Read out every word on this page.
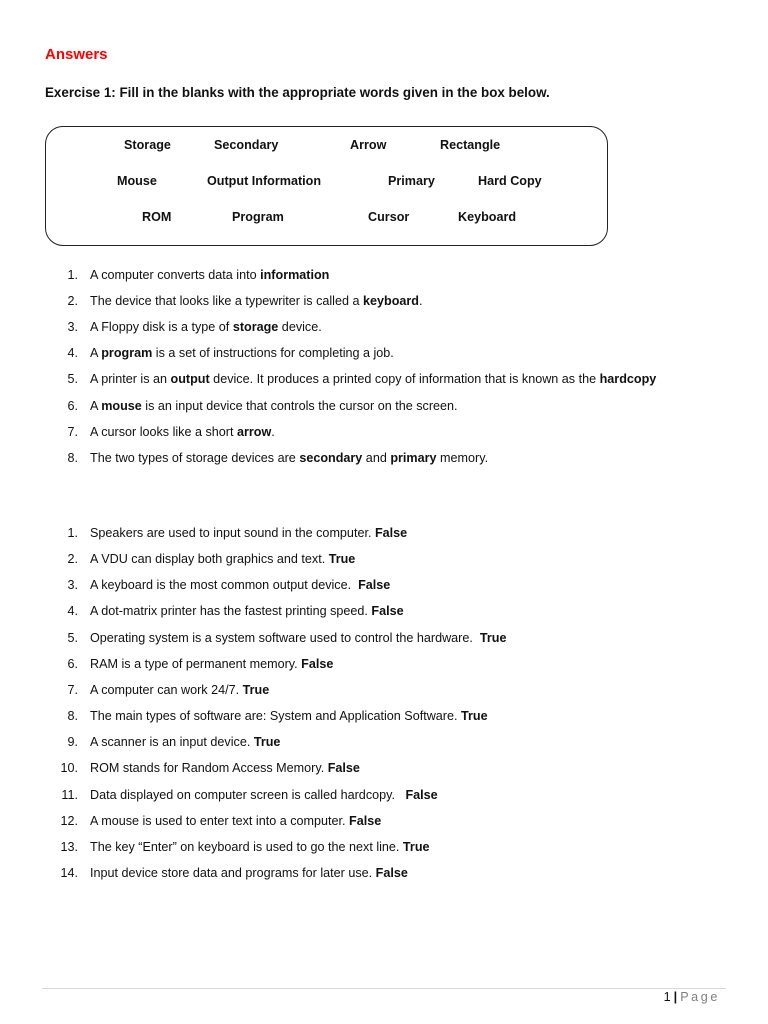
Answers
Exercise 1: Fill in the blanks with the appropriate words given in the box below.
Storage	Secondary	Arrow	Rectangle
Mouse	Output Information	Primary	Hard Copy
ROM	Program	Cursor	Keyboard
1. A computer converts data into information
2. The device that looks like a typewriter is called a keyboard.
3. A Floppy disk is a type of storage device.
4. A program is a set of instructions for completing a job.
5. A printer is an output device. It produces a printed copy of information that is known as the hardcopy
6. A mouse is an input device that controls the cursor on the screen.
7. A cursor looks like a short arrow.
8. The two types of storage devices are secondary and primary memory.
1. Speakers are used to input sound in the computer. False
2. A VDU can display both graphics and text. True
3. A keyboard is the most common output device.  False
4. A dot-matrix printer has the fastest printing speed. False
5. Operating system is a system software used to control the hardware.  True
6. RAM is a type of permanent memory. False
7. A computer can work 24/7. True
8. The main types of software are: System and Application Software. True
9. A scanner is an input device. True
10. ROM stands for Random Access Memory. False
11. Data displayed on computer screen is called hardcopy.   False
12. A mouse is used to enter text into a computer. False
13. The key “Enter” on keyboard is used to go the next line. True
14. Input device store data and programs for later use. False
1 | Page
